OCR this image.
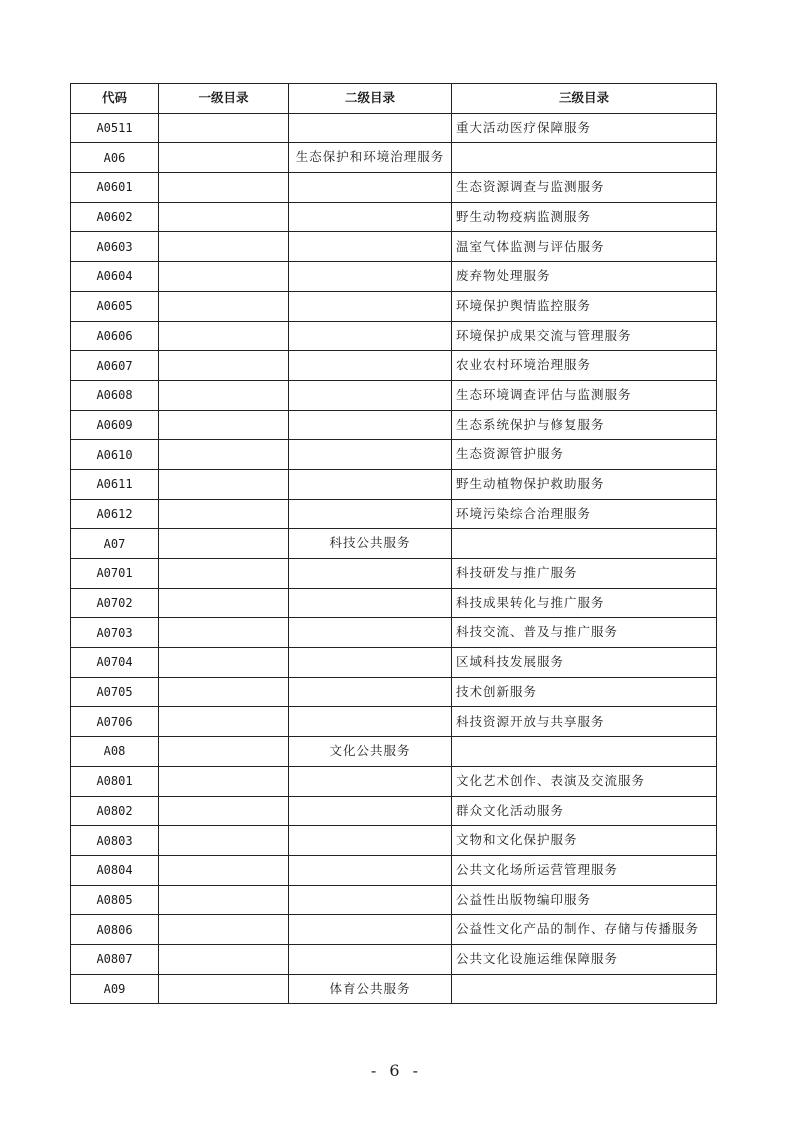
代码	一级目录	二级目录	三级目录
A0511			重大活动医疗保障服务
A06		生态保护和环境治理服务	
A0601			生态资源调查与监测服务
A0602			野生动物疫病监测服务
A0603			温室气体监测与评估服务
A0604			废弃物处理服务
A0605			环境保护舆情监控服务
A0606			环境保护成果交流与管理服务
A0607			农业农村环境治理服务
A0608			生态环境调查评估与监测服务
A0609			生态系统保护与修复服务
A0610			生态资源管护服务
A0611			野生动植物保护救助服务
A0612			环境污染综合治理服务
A07		科技公共服务	
A0701			科技研发与推广服务
A0702			科技成果转化与推广服务
A0703			科技交流、普及与推广服务
A0704			区域科技发展服务
A0705			技术创新服务
A0706			科技资源开放与共享服务
A08		文化公共服务	
A0801			文化艺术创作、表演及交流服务
A0802			群众文化活动服务
A0803			文物和文化保护服务
A0804			公共文化场所运营管理服务
A0805			公益性出版物编印服务
A0806			公益性文化产品的制作、存储与传播服务
A0807			公共文化设施运维保障服务
A09		体育公共服务	
- 6 -
